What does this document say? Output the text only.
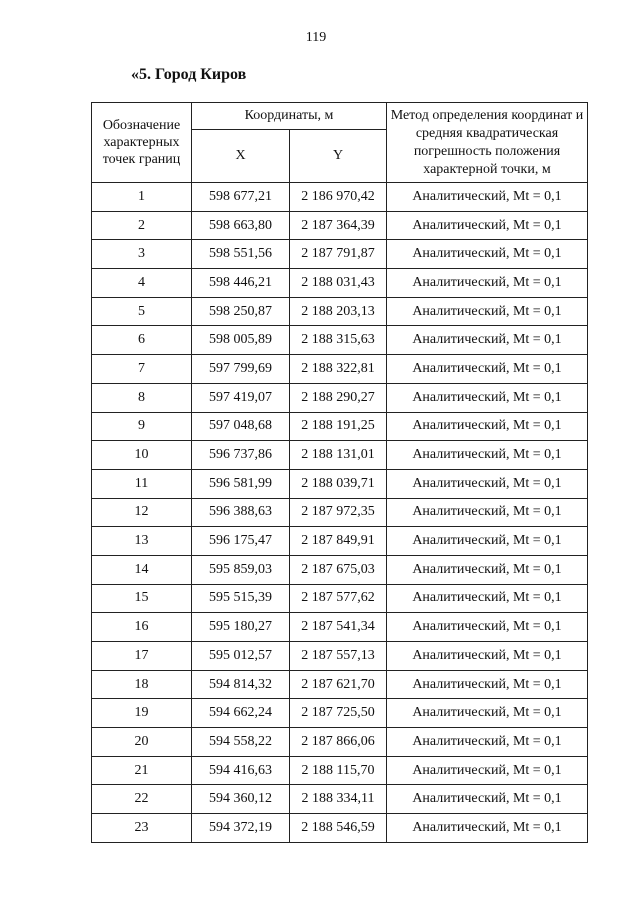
119
«5. Город Киров
Обозначение характерных точек границ	Координаты, м		Метод определения координат и средняя квадратическая погрешность положения характерной точки, м
	X	Y	
1	598 677,21	2 186 970,42	Аналитический, Mt = 0,1
2	598 663,80	2 187 364,39	Аналитический, Mt = 0,1
3	598 551,56	2 187 791,87	Аналитический, Mt = 0,1
4	598 446,21	2 188 031,43	Аналитический, Mt = 0,1
5	598 250,87	2 188 203,13	Аналитический, Mt = 0,1
6	598 005,89	2 188 315,63	Аналитический, Mt = 0,1
7	597 799,69	2 188 322,81	Аналитический, Mt = 0,1
8	597 419,07	2 188 290,27	Аналитический, Mt = 0,1
9	597 048,68	2 188 191,25	Аналитический, Mt = 0,1
10	596 737,86	2 188 131,01	Аналитический, Mt = 0,1
11	596 581,99	2 188 039,71	Аналитический, Mt = 0,1
12	596 388,63	2 187 972,35	Аналитический, Mt = 0,1
13	596 175,47	2 187 849,91	Аналитический, Mt = 0,1
14	595 859,03	2 187 675,03	Аналитический, Mt = 0,1
15	595 515,39	2 187 577,62	Аналитический, Mt = 0,1
16	595 180,27	2 187 541,34	Аналитический, Mt = 0,1
17	595 012,57	2 187 557,13	Аналитический, Mt = 0,1
18	594 814,32	2 187 621,70	Аналитический, Mt = 0,1
19	594 662,24	2 187 725,50	Аналитический, Mt = 0,1
20	594 558,22	2 187 866,06	Аналитический, Mt = 0,1
21	594 416,63	2 188 115,70	Аналитический, Mt = 0,1
22	594 360,12	2 188 334,11	Аналитический, Mt = 0,1
23	594 372,19	2 188 546,59	Аналитический, Mt = 0,1
